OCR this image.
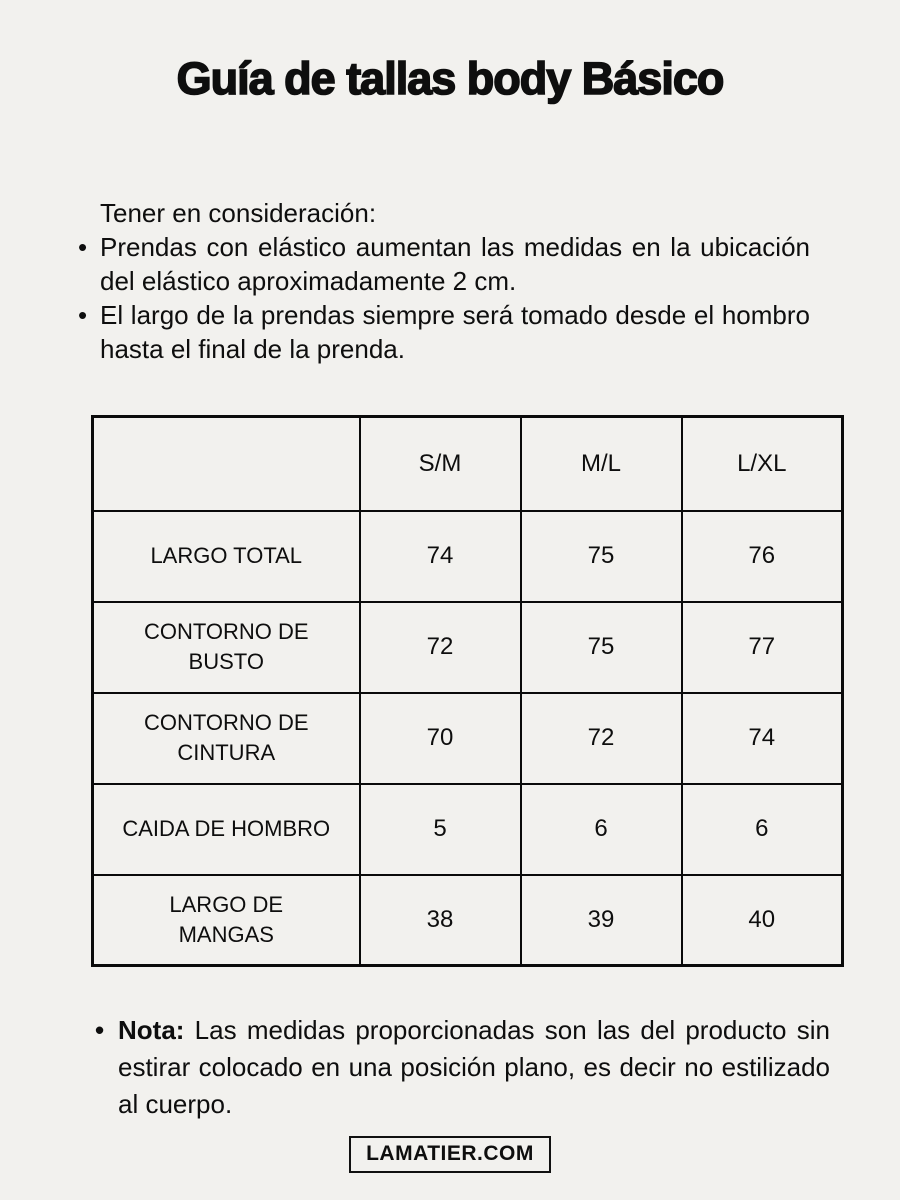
Guía de tallas body Básico

Tener en consideración:

• Prendas con elástico aumentan las medidas en la ubicación del elástico aproximadamente 2 cm.
• El largo de la prendas siempre será tomado desde el hombro hasta el final de la prenda.
	S/M	M/L	L/XL
LARGO TOTAL	74	75	76
CONTORNO DE BUSTO	72	75	77
CONTORNO DE CINTURA	70	72	74
CAIDA DE HOMBRO	5	6	6
LARGO DE MANGAS	38	39	40

• Nota: Las medidas proporcionadas son las del producto sin estirar colocado en una posición plano, es decir no estilizado al cuerpo.

LAMATIER.COM
